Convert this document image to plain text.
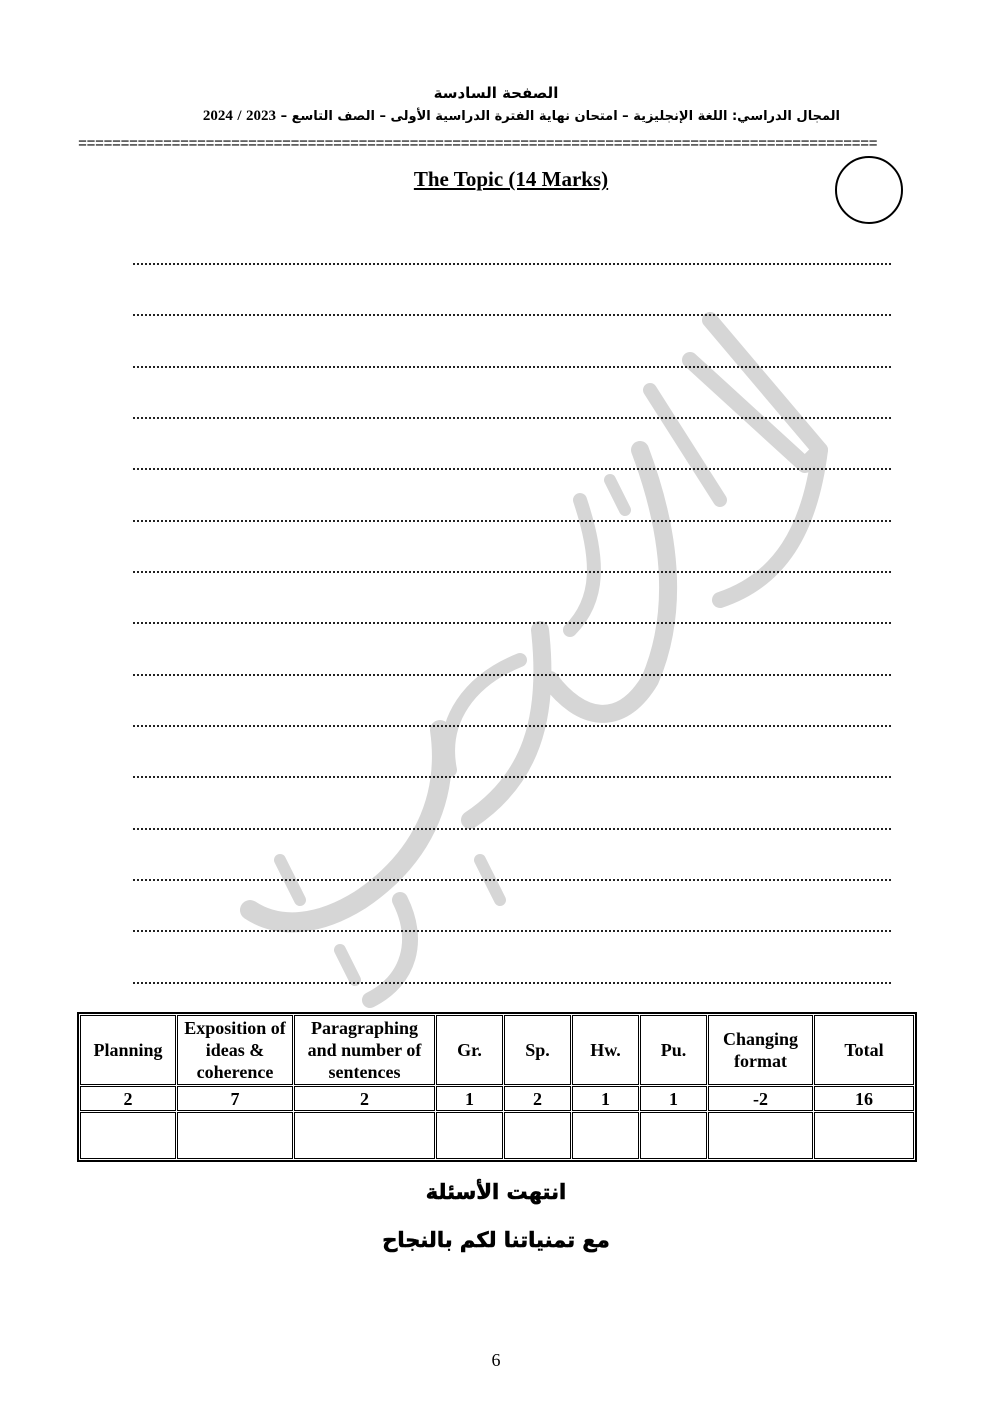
الصفحة السادسة
المجال الدراسي: اللغة الإنجليزية – امتحان نهاية الفترة الدراسية الأولى – الصف التاسع – 2023 / 2024
==============================================================================================
The Topic (14 Marks)
Planning	Exposition of ideas & coherence	Paragraphing and number of sentences	Gr.	Sp.	Hw.	Pu.	Changing format	Total
2	7	2	1	2	1	1	-2	16

انتهت الأسئلة
مع تمنياتنا لكم بالنجاح
6
